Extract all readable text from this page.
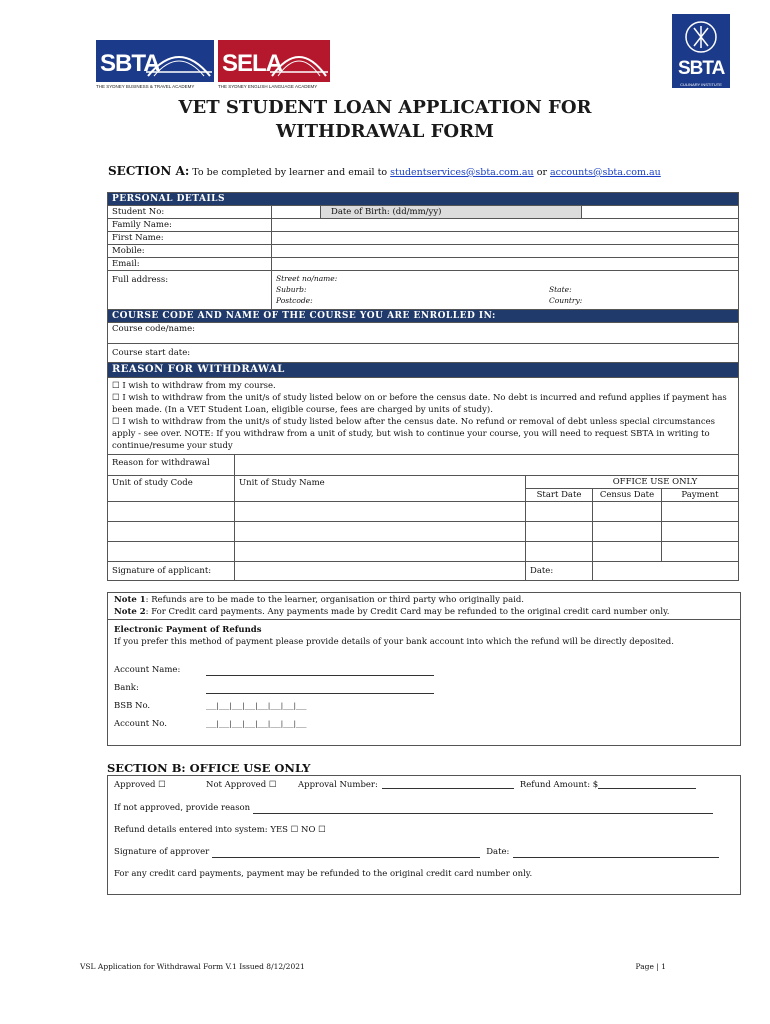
SBTA
THE SYDNEY BUSINESS & TRAVEL ACADEMY
SELA
THE SYDNEY ENGLISH LANGUAGE ACADEMY
SBTA
CULINARY INSTITUTE
VET STUDENT LOAN APPLICATION FOR
WITHDRAWAL FORM
SECTION A: To be completed by learner and email to studentservices@sbta.com.au or accounts@sbta.com.au
PERSONAL DETAILS			
Student No:		Date of Birth: (dd/mm/yy)	
Family Name:			
First Name:			
Mobile:			
Email:			
Full address:	Street no/name:
Suburb: State:
Postcode: Country:		

COURSE CODE AND NAME OF THE COURSE YOU ARE ENROLLED IN:			
Course code/name:			
Course start date:			
REASON FOR WITHDRAWAL				

☐ I wish to withdraw from my course.
☐ I wish to withdraw from the unit/s of study listed below on or before the census date. No debt is incurred and refund applies if payment has been made. (In a VET Student Loan, eligible course, fees are charged by units of study).
☐ I wish to withdraw from the unit/s of study listed below after the census date. No refund or removal of debt unless special circumstances apply - see over. NOTE: If you withdraw from a unit of study, but wish to continue your course, you will need to request SBTA in writing to continue/resume your study				

Reason for withdrawal				
Unit of study Code	Unit of Study Name	OFFICE USE ONLY		
		Start Date	Census Date	Payment

Signature of applicant:		Date:		
Note 1: Refunds are to be made to the learner, organisation or third party who originally paid.
Note 2: For Credit card payments. Any payments made by Credit Card may be refunded to the original credit card number only.
Electronic Payment of Refunds
If you prefer this method of payment please provide details of your bank account into which the refund will be directly deposited.
Account Name:
Bank:
BSB No.	___|___|___|___|___|___|___|___
Account No.	___|___|___|___|___|___|___|___
SECTION B: OFFICE USE ONLY
Approved ☐	Not Approved ☐	Approval Number:	Refund Amount: $
If not approved, provide reason
Refund details entered into system: YES ☐ NO ☐
Signature of approver	Date:
For any credit card payments, payment may be refunded to the original credit card number only.
VSL Application for Withdrawal Form V.1 Issued 8/12/2021	Page | 1
